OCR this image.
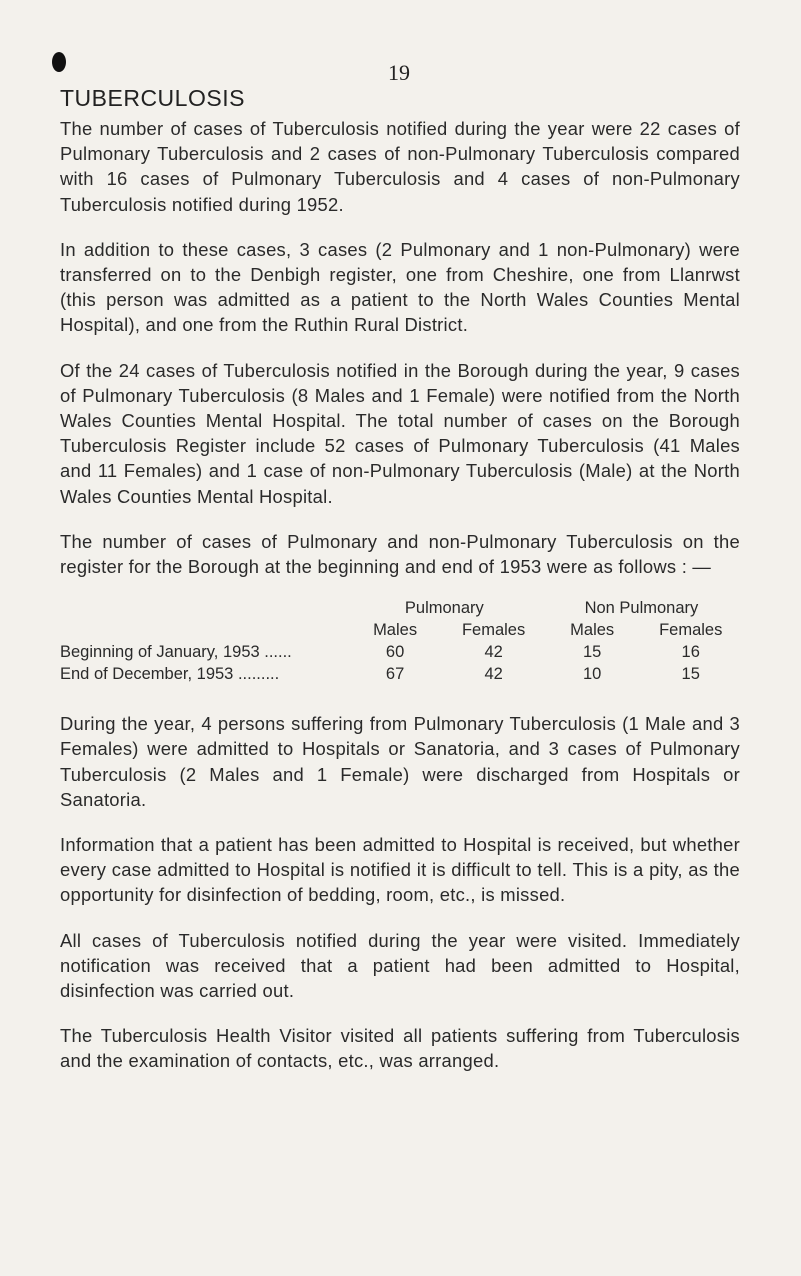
19
TUBERCULOSIS

The number of cases of Tuberculosis notified during the year were 22 cases of Pulmonary Tuberculosis and 2 cases of non-Pulmonary Tuberculosis compared with 16 cases of Pulmonary Tuberculosis and 4 cases of non-Pulmonary Tuberculosis notified during 1952.

In addition to these cases, 3 cases (2 Pulmonary and 1 non-Pulmonary) were transferred on to the Denbigh register, one from Cheshire, one from Llanrwst (this person was admitted as a patient to the North Wales Counties Mental Hospital), and one from the Ruthin Rural District.

Of the 24 cases of Tuberculosis notified in the Borough during the year, 9 cases of Pulmonary Tuberculosis (8 Males and 1 Female) were notified from the North Wales Counties Mental Hospital. The total number of cases on the Borough Tuberculosis Register include 52 cases of Pulmonary Tuberculosis (41 Males and 11 Females) and 1 case of non-Pulmonary Tuberculosis (Male) at the North Wales Counties Mental Hospital.

The number of cases of Pulmonary and non-Pulmonary Tuberculosis on the register for the Borough at the beginning and end of 1953 were as follows : —

Pulmonary	Non Pulmonary
Males	Females	Males	Females
Beginning of January, 1953 ......	60	42	15	16
End of December, 1953 .........	67	42	10	15

During the year, 4 persons suffering from Pulmonary Tuberculosis (1 Male and 3 Females) were admitted to Hospitals or Sanatoria, and 3 cases of Pulmonary Tuberculosis (2 Males and 1 Female) were discharged from Hospitals or Sanatoria.

Information that a patient has been admitted to Hospital is received, but whether every case admitted to Hospital is notified it is difficult to tell. This is a pity, as the opportunity for disinfection of bedding, room, etc., is missed.

All cases of Tuberculosis notified during the year were visited. Immediately notification was received that a patient had been admitted to Hospital, disinfection was carried out.

The Tuberculosis Health Visitor visited all patients suffering from Tuberculosis and the examination of contacts, etc., was arranged.
